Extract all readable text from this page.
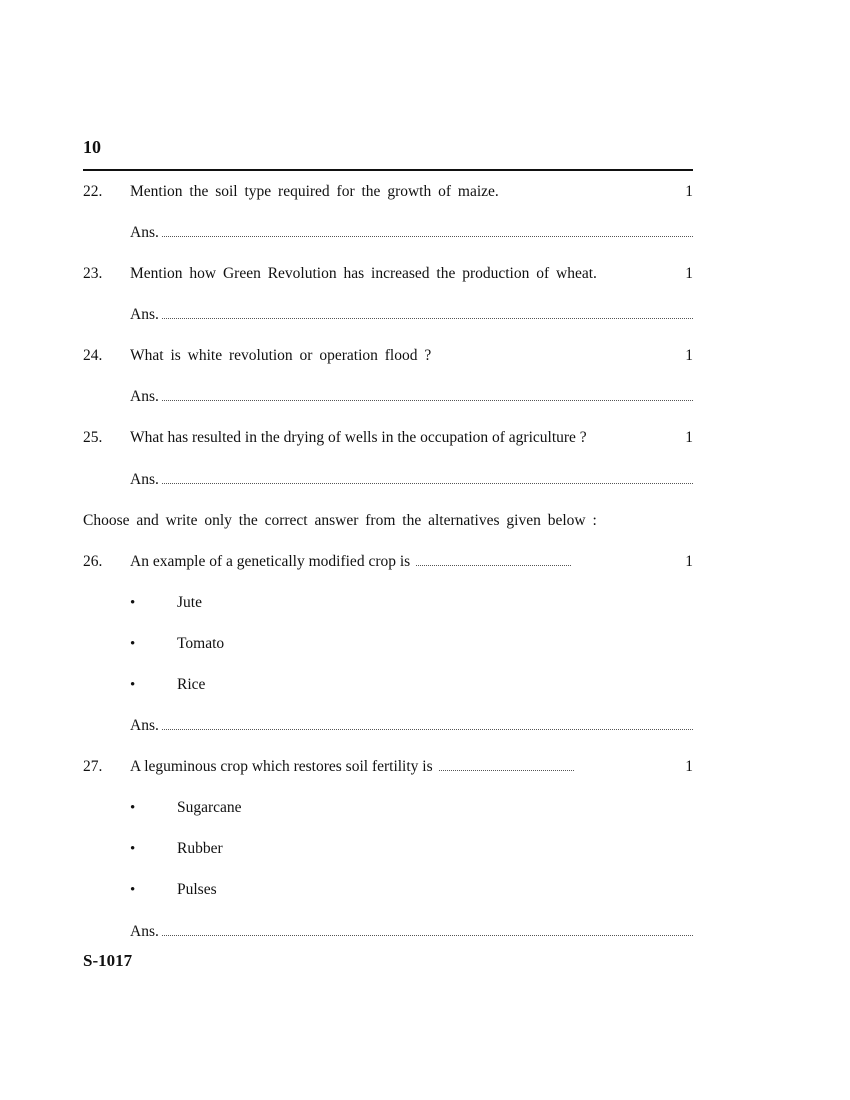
10
22. Mention the soil type required for the growth of maize.	1
Ans.
23. Mention how Green Revolution has increased the production of wheat.	1
Ans.
24. What is white revolution or operation flood ?	1
Ans.
25. What has resulted in the drying of wells in the occupation of agriculture ?	1
Ans.
Choose and write only the correct answer from the alternatives given below :
26. An example of a genetically modified crop is	1
•	Jute
•	Tomato
•	Rice
Ans.
27. A leguminous crop which restores soil fertility is	1
•	Sugarcane
•	Rubber
•	Pulses
Ans.
S-1017
